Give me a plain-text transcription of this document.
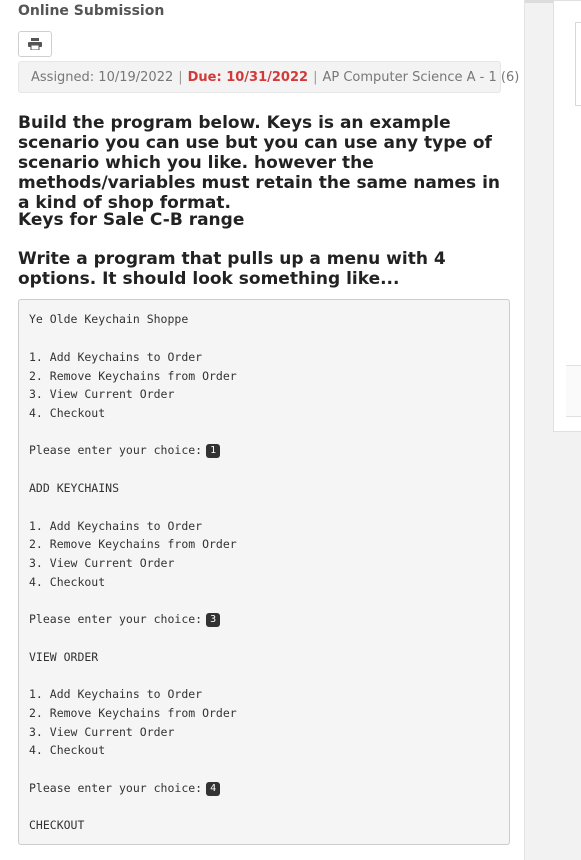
Online Submission
Assigned: 10/19/2022 | Due: 10/31/2022 | AP Computer Science A - 1 (6)

Build the program below. Keys is an example scenario you can use but you can use any type of scenario which you like. however the methods/variables must retain the same names in a kind of shop format.

Keys for Sale C-B range

Write a program that pulls up a menu with 4 options. It should look something like...

Ye Olde Keychain Shoppe
1. Add Keychains to Order
2. Remove Keychains from Order
3. View Current Order
4. Checkout
Please enter your choice: 1
ADD KEYCHAINS
1. Add Keychains to Order
2. Remove Keychains from Order
3. View Current Order
4. Checkout
Please enter your choice: 3
VIEW ORDER
1. Add Keychains to Order
2. Remove Keychains from Order
3. View Current Order
4. Checkout
Please enter your choice: 4
CHECKOUT
